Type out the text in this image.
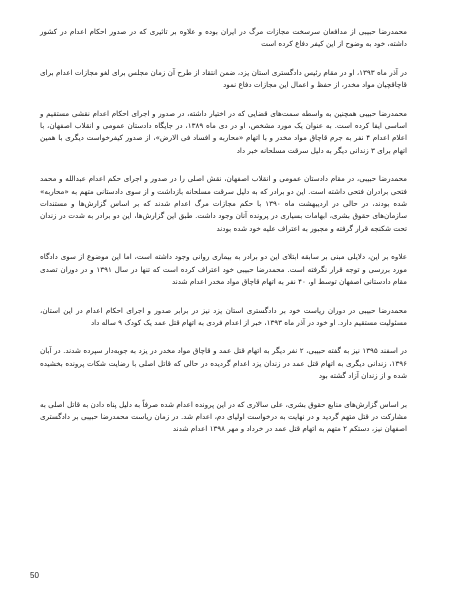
محمدرضا حبیبی از مدافعان سرسخت مجازات مرگ در ایران بوده و علاوه بر تاثیری که در صدور احکام اعدام در کشور داشته، خود به وضوح از این کیفر دفاع کرده است

در آذر ماه ۱۳۹۳، او در مقام رئیس دادگستری استان یزد، ضمن انتقاد از طرح آن زمان مجلس برای لغو مجازات اعدام برای قاچاقچیان مواد مخدر، از حفظ و اعمال این مجازات دفاع نمود

محمدرضا حبیبی همچنین به واسطه سمت‌های قضایی که در اختیار داشته، در صدور و اجرای احکام اعدام نقشی مستقیم و اساسی ایفا کرده است. به عنوان یک مورد مشخص، او در دی ماه ۱۳۸۹، در جایگاه دادستان عمومی و انقلاب اصفهان، با اعلام اعدام ۴ نفر به جرم قاچاق مواد مخدر و با اتهام «محاربه و افساد فی الارض»، از صدور کیفرخواست دیگری با همین اتهام برای ۳ زندانی دیگر به دلیل سرقت مسلحانه خبر داد

محمدرضا حبیبی، در مقام دادستان عمومی و انقلاب اصفهان، نقش اصلی را در صدور و اجرای حکم اعدام عبدالله و محمد فتحی برادران فتحی داشته است. این دو برادر که به دلیل سرقت مسلحانه بازداشت و از سوی دادستانی متهم به «محاربه» شده بودند، در حالی در اردیبهشت ماه ۱۳۹۰ با حکم مجازات مرگ اعدام شدند که بر اساس گزارش‌ها و مستندات سازمان‌های حقوق بشری، ابهامات بسیاری در پرونده آنان وجود داشت. طبق این گزارش‌ها، این دو برادر به شدت در زندان تحت شکنجه قرار گرفته و مجبور به اعتراف علیه خود شده بودند

علاوه بر این، دلایلی مبنی بر سابقه ابتلای این دو برادر به بیماری روانی وجود داشته است، اما این موضوع از سوی دادگاه مورد بررسی و توجه قرار نگرفته است. محمدرضا حبیبی خود اعتراف کرده است که تنها در سال ۱۳۹۱ و در دوران تصدی مقام دادستانی اصفهان توسط او، ۴۰ نفر به اتهام قاچاق مواد مخدر اعدام شدند

محمدرضا حبیبی در دوران ریاست خود بر دادگستری استان یزد نیز در برابر صدور و اجرای احکام اعدام در این استان، مسئولیت مستقیم دارد. او خود در آذر ماه ۱۳۹۳، خبر از اعدام فردی به اتهام قتل عمد یک کودک ۹ ساله داد

در اسفند ۱۳۹۵ نیز به گفته حبیبی، ۲ نفر دیگر به اتهام قتل عمد و قاچاق مواد مخدر در یزد به جوبه‌دار سپرده شدند. در آبان ۱۳۹۶، زندانی دیگری به اتهام قتل عمد در زندان یزد اعدام گردیده در حالی که قاتل اصلی با رضایت شکات پرونده بخشیده شده و از زندان آزاد گشته بود

بر اساس گزارش‌های منابع حقوق بشری، علی سالاری که در این پرونده اعدام شده صرفاً به دلیل پناه دادن به قاتل اصلی به مشارکت در قتل متهم گردید و در نهایت به درخواست اولیای دم، اعدام شد. در زمان ریاست محمدرضا حبیبی بر دادگستری اصفهان نیز، دستکم ۲ متهم به اتهام قتل عمد در خرداد و مهر ۱۳۹۸ اعدام شدند

50
